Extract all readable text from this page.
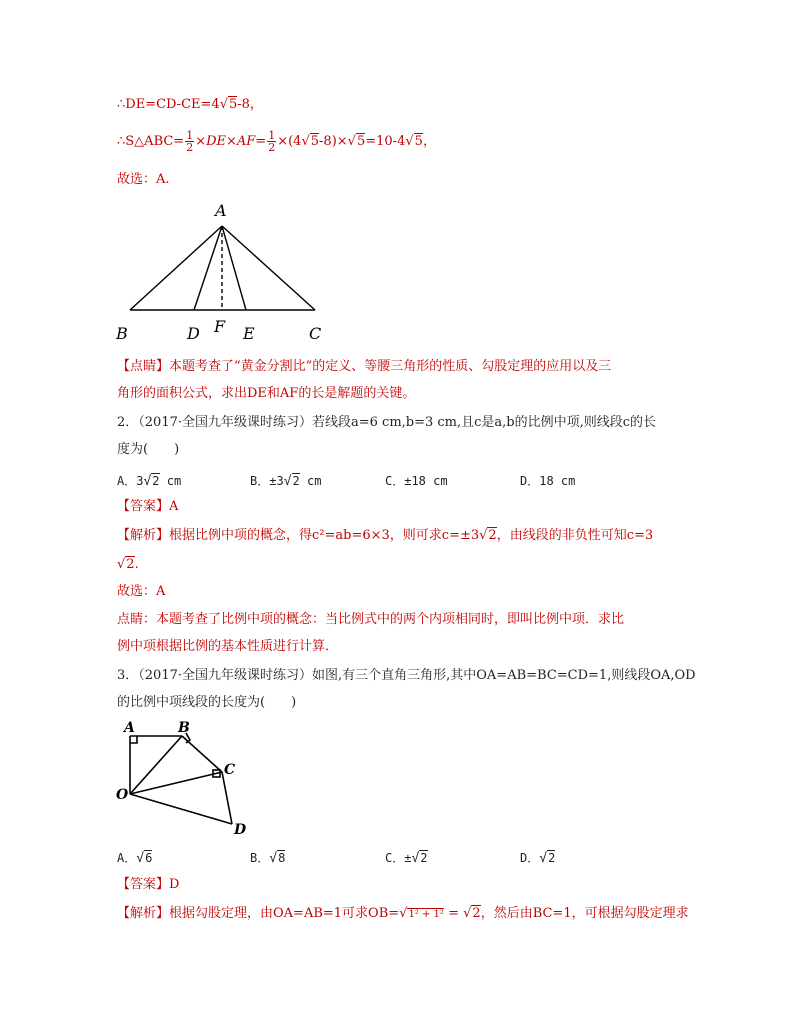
∴DE=CD-CE=4√5-8，
∴S△ABC= $\frac{1}{2} \times DE\times AF= \frac{1}{2} \times(4√5-8)\times√5=10-4√5$，
故选：A.
A
B	D F E	C
【点睛】本题考查了“黄金分割比”的定义、等腰三角形的性质、勾股定理的应用以及三
角形的面积公式，求出DE和AF的长是解题的关键。
2．（2017·全国九年级课时练习）若线段a=6 cm,b=3 cm,且c是a,b的比例中项,则线段c的长
度为(　　)
A．3√2 cm	B．±3√2 cm	C．±18 cm	D．18 cm
【答案】A
【解析】根据比例中项的概念，得c²=ab=6×3，则可求c=±3√2，由线段的非负性可知c=3
√2.
故选：A
点睛：本题考查了比例中项的概念：当比例式中的两个内项相同时，即叫比例中项．求比
例中项根据比例的基本性质进行计算．
3．（2017·全国九年级课时练习）如图,有三个直角三角形,其中OA=AB=BC=CD=1,则线段OA,OD
的比例中项线段的长度为(　　)
A	B
C
O
D
A．√6	B．√8	C．±√2	D．√2
【答案】D
【解析】根据勾股定理，由OA=AB=1可求OB=√1² + 1² = √2，然后由BC=1，可根据勾股定理求
